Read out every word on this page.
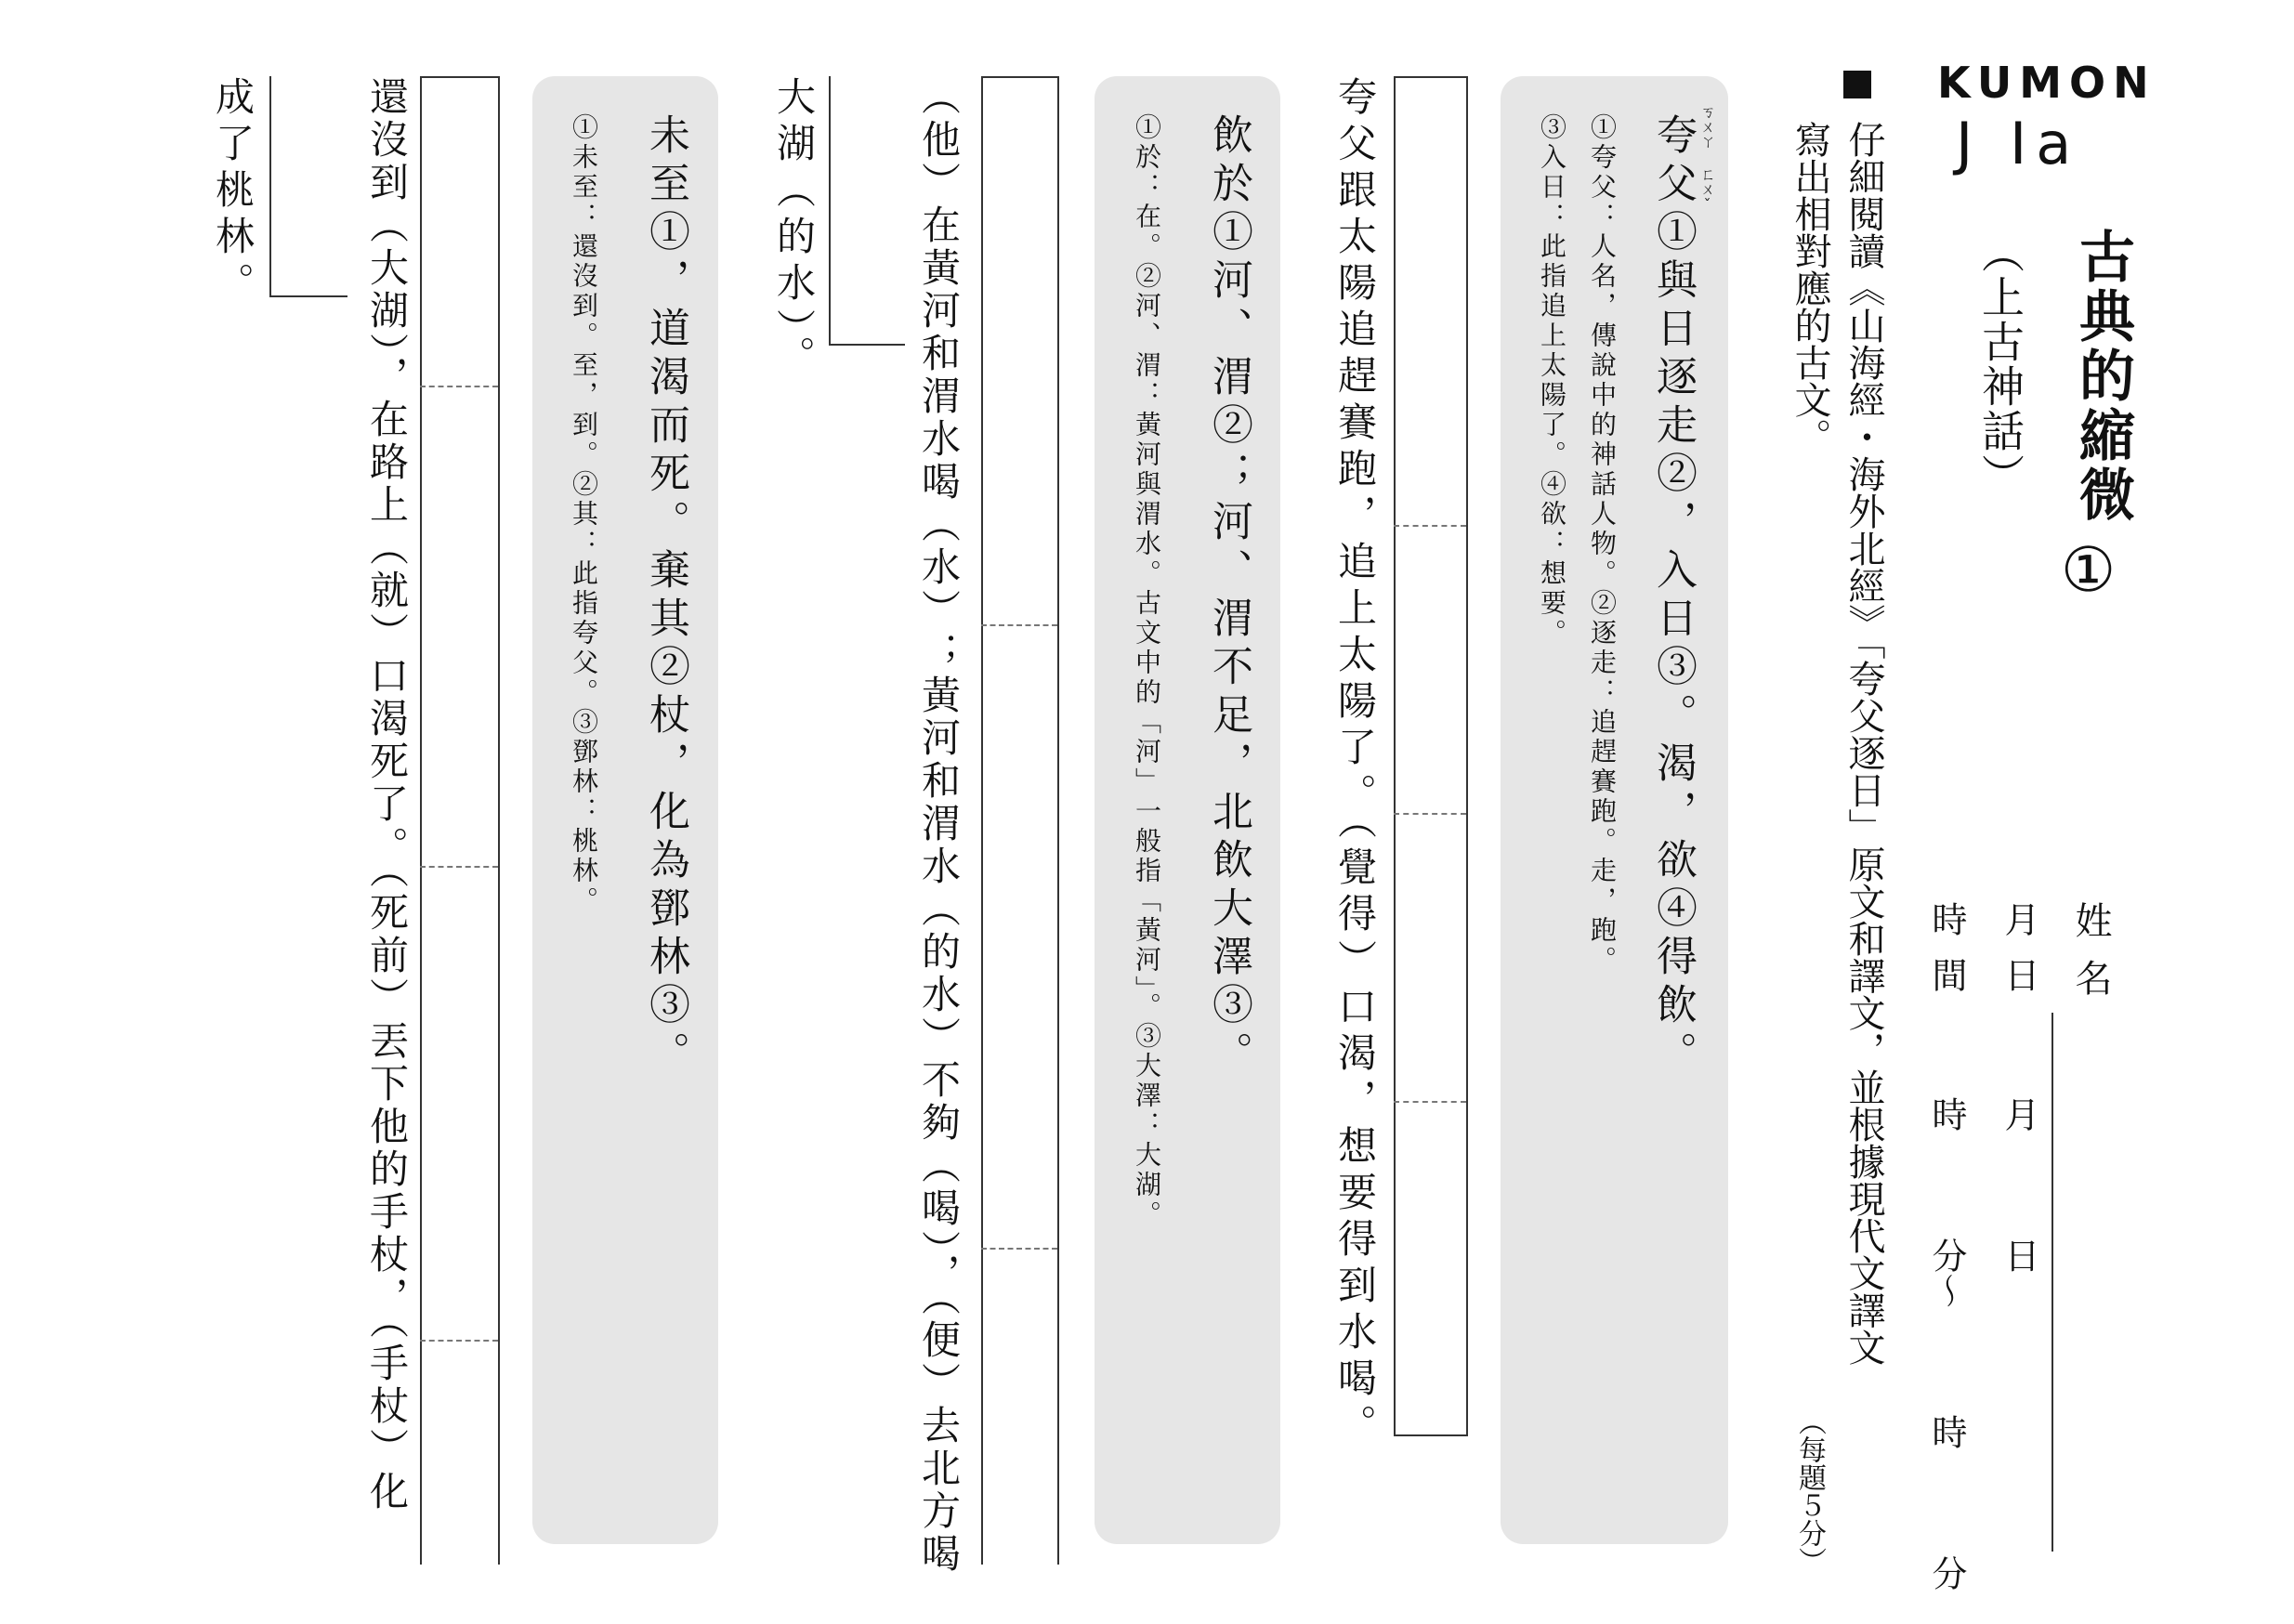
KUMON
J Ia
古典的縮微
①
（上古神話）
姓名
月日
月　　　日
時間
時　　　分～　　　時　　　分
仔細閱讀《山海經・海外北經》「夸父逐日」原文和譯文，並根據現代文譯文
寫出相對應的古文。
（每題５分）
ㄎㄨㄚ ㄈㄨˇ
夸父①與日逐走②，入日③。渴，欲④得飲。
①夸父：人名，傳說中的神話人物。②逐走：追趕賽跑。走，跑。
③入日：此指追上太陽了。④欲：想要。
夸父跟太陽追趕賽跑，追上太陽了。（覺得）口渴，想要得到水喝。
飲於①河、渭②；河、渭不足，北飲大澤③。
①於：在。②河、渭：黃河與渭水。古文中的「河」一般指「黃河」。③大澤：大湖。
（他）在黃河和渭水喝（水）；黃河和渭水（的水）不夠（喝），（便）去北方喝
大湖（的水）。
未至①，道渴而死。棄其②杖，化為鄧林③。
①未至：還沒到。至，到。②其：此指夸父。③鄧林：桃林。
還沒到（大湖），在路上（就）口渴死了。（死前）丟下他的手杖，（手杖）化
成了桃林。
